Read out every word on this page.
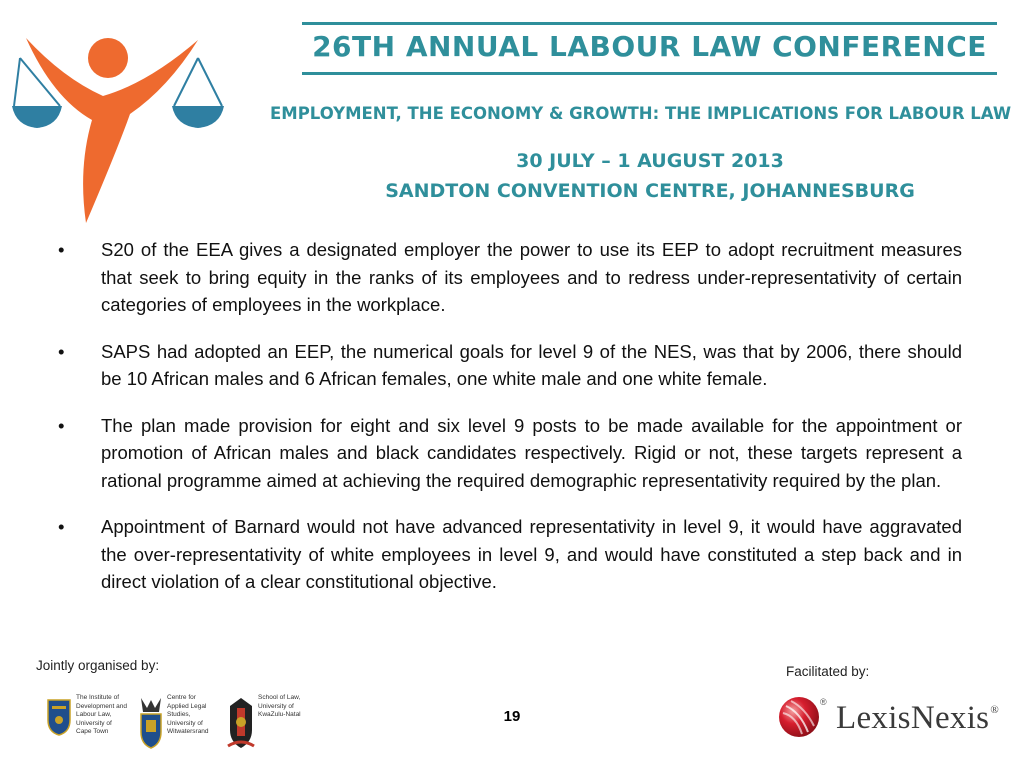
26TH ANNUAL LABOUR LAW CONFERENCE
EMPLOYMENT, THE ECONOMY & GROWTH: THE IMPLICATIONS FOR LABOUR LAW
30 JULY – 1 AUGUST 2013
SANDTON CONVENTION CENTRE, JOHANNESBURG
• S20 of the EEA gives a designated employer the power to use its EEP to adopt recruitment measures that seek to bring equity in the ranks of its employees and to redress under-representativity of certain categories of employees in the workplace.
• SAPS had adopted an EEP, the numerical goals for level 9 of the NES, was that by 2006, there should be 10 African males and 6 African females, one white male and one white female.
• The plan made provision for eight and six level 9 posts to be made available for the appointment or promotion of African males and black candidates respectively. Rigid or not, these targets represent a rational programme aimed at achieving the required demographic representativity required by the plan.
• Appointment of Barnard would not have advanced representativity in level 9, it would have aggravated the over-representativity of white employees in level 9, and would have constituted a step back and in direct violation of a clear constitutional objective.
Jointly organised by:
The Institute of Development and Labour Law, University of Cape Town
Centre for Applied Legal Studies, University of Witwatersrand
School of Law, University of KwaZulu-Natal	19
Facilitated by:
® LexisNexis®
